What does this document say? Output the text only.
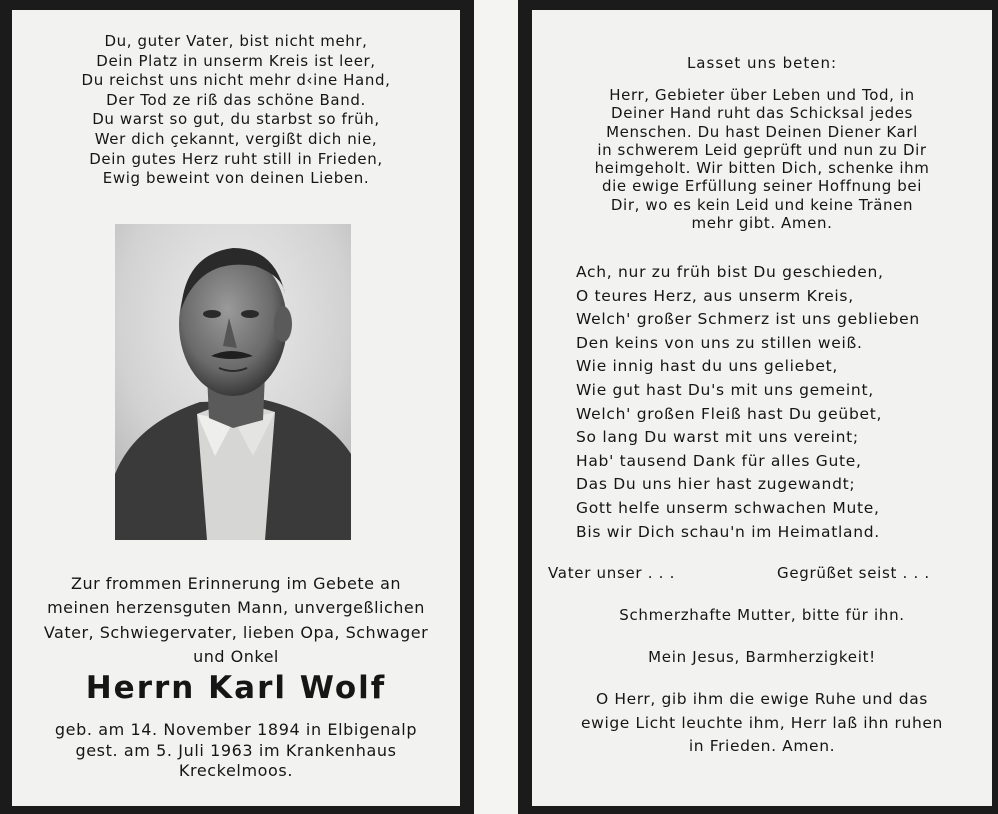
Du, guter Vater, bist nicht mehr,
Dein Platz in unserm Kreis ist leer,
Du reichst uns nicht mehr d‹ine Hand,
Der Tod ze riß das schöne Band.
Du warst so gut, du starbst so früh,
Wer dich çekannt, vergißt dich nie,
Dein gutes Herz ruht still in Frieden,
Ewig beweint von deinen Lieben.
Zur frommen Erinnerung im Gebete an
meinen herzensguten Mann, unvergeßlichen
Vater, Schwiegervater, lieben Opa, Schwager
und Onkel
Herrn Karl Wolf
geb. am 14. November 1894 in Elbigenalp
gest. am 5. Juli 1963 im Krankenhaus
Kreckelmoos.
Lasset uns beten:
Herr, Gebieter über Leben und Tod, in
Deiner Hand ruht das Schicksal jedes
Menschen. Du hast Deinen Diener Karl
in schwerem Leid geprüft und nun zu Dir
heimgeholt. Wir bitten Dich, schenke ihm
die ewige Erfüllung seiner Hoffnung bei
Dir, wo es kein Leid und keine Tränen
mehr gibt. Amen.
Ach, nur zu früh bist Du geschieden,
O teures Herz, aus unserm Kreis,
Welch' großer Schmerz ist uns geblieben
Den keins von uns zu stillen weiß.
Wie innig hast du uns geliebet,
Wie gut hast Du's mit uns gemeint,
Welch' großen Fleiß hast Du geübet,
So lang Du warst mit uns vereint;
Hab' tausend Dank für alles Gute,
Das Du uns hier hast zugewandt;
Gott helfe unserm schwachen Mute,
Bis wir Dich schau'n im Heimatland.
Vater unser . . .	Gegrüßet seist . . .
Schmerzhafte Mutter, bitte für ihn.
Mein Jesus, Barmherzigkeit!
O Herr, gib ihm die ewige Ruhe und das
ewige Licht leuchte ihm, Herr laß ihn ruhen
in Frieden. Amen.
